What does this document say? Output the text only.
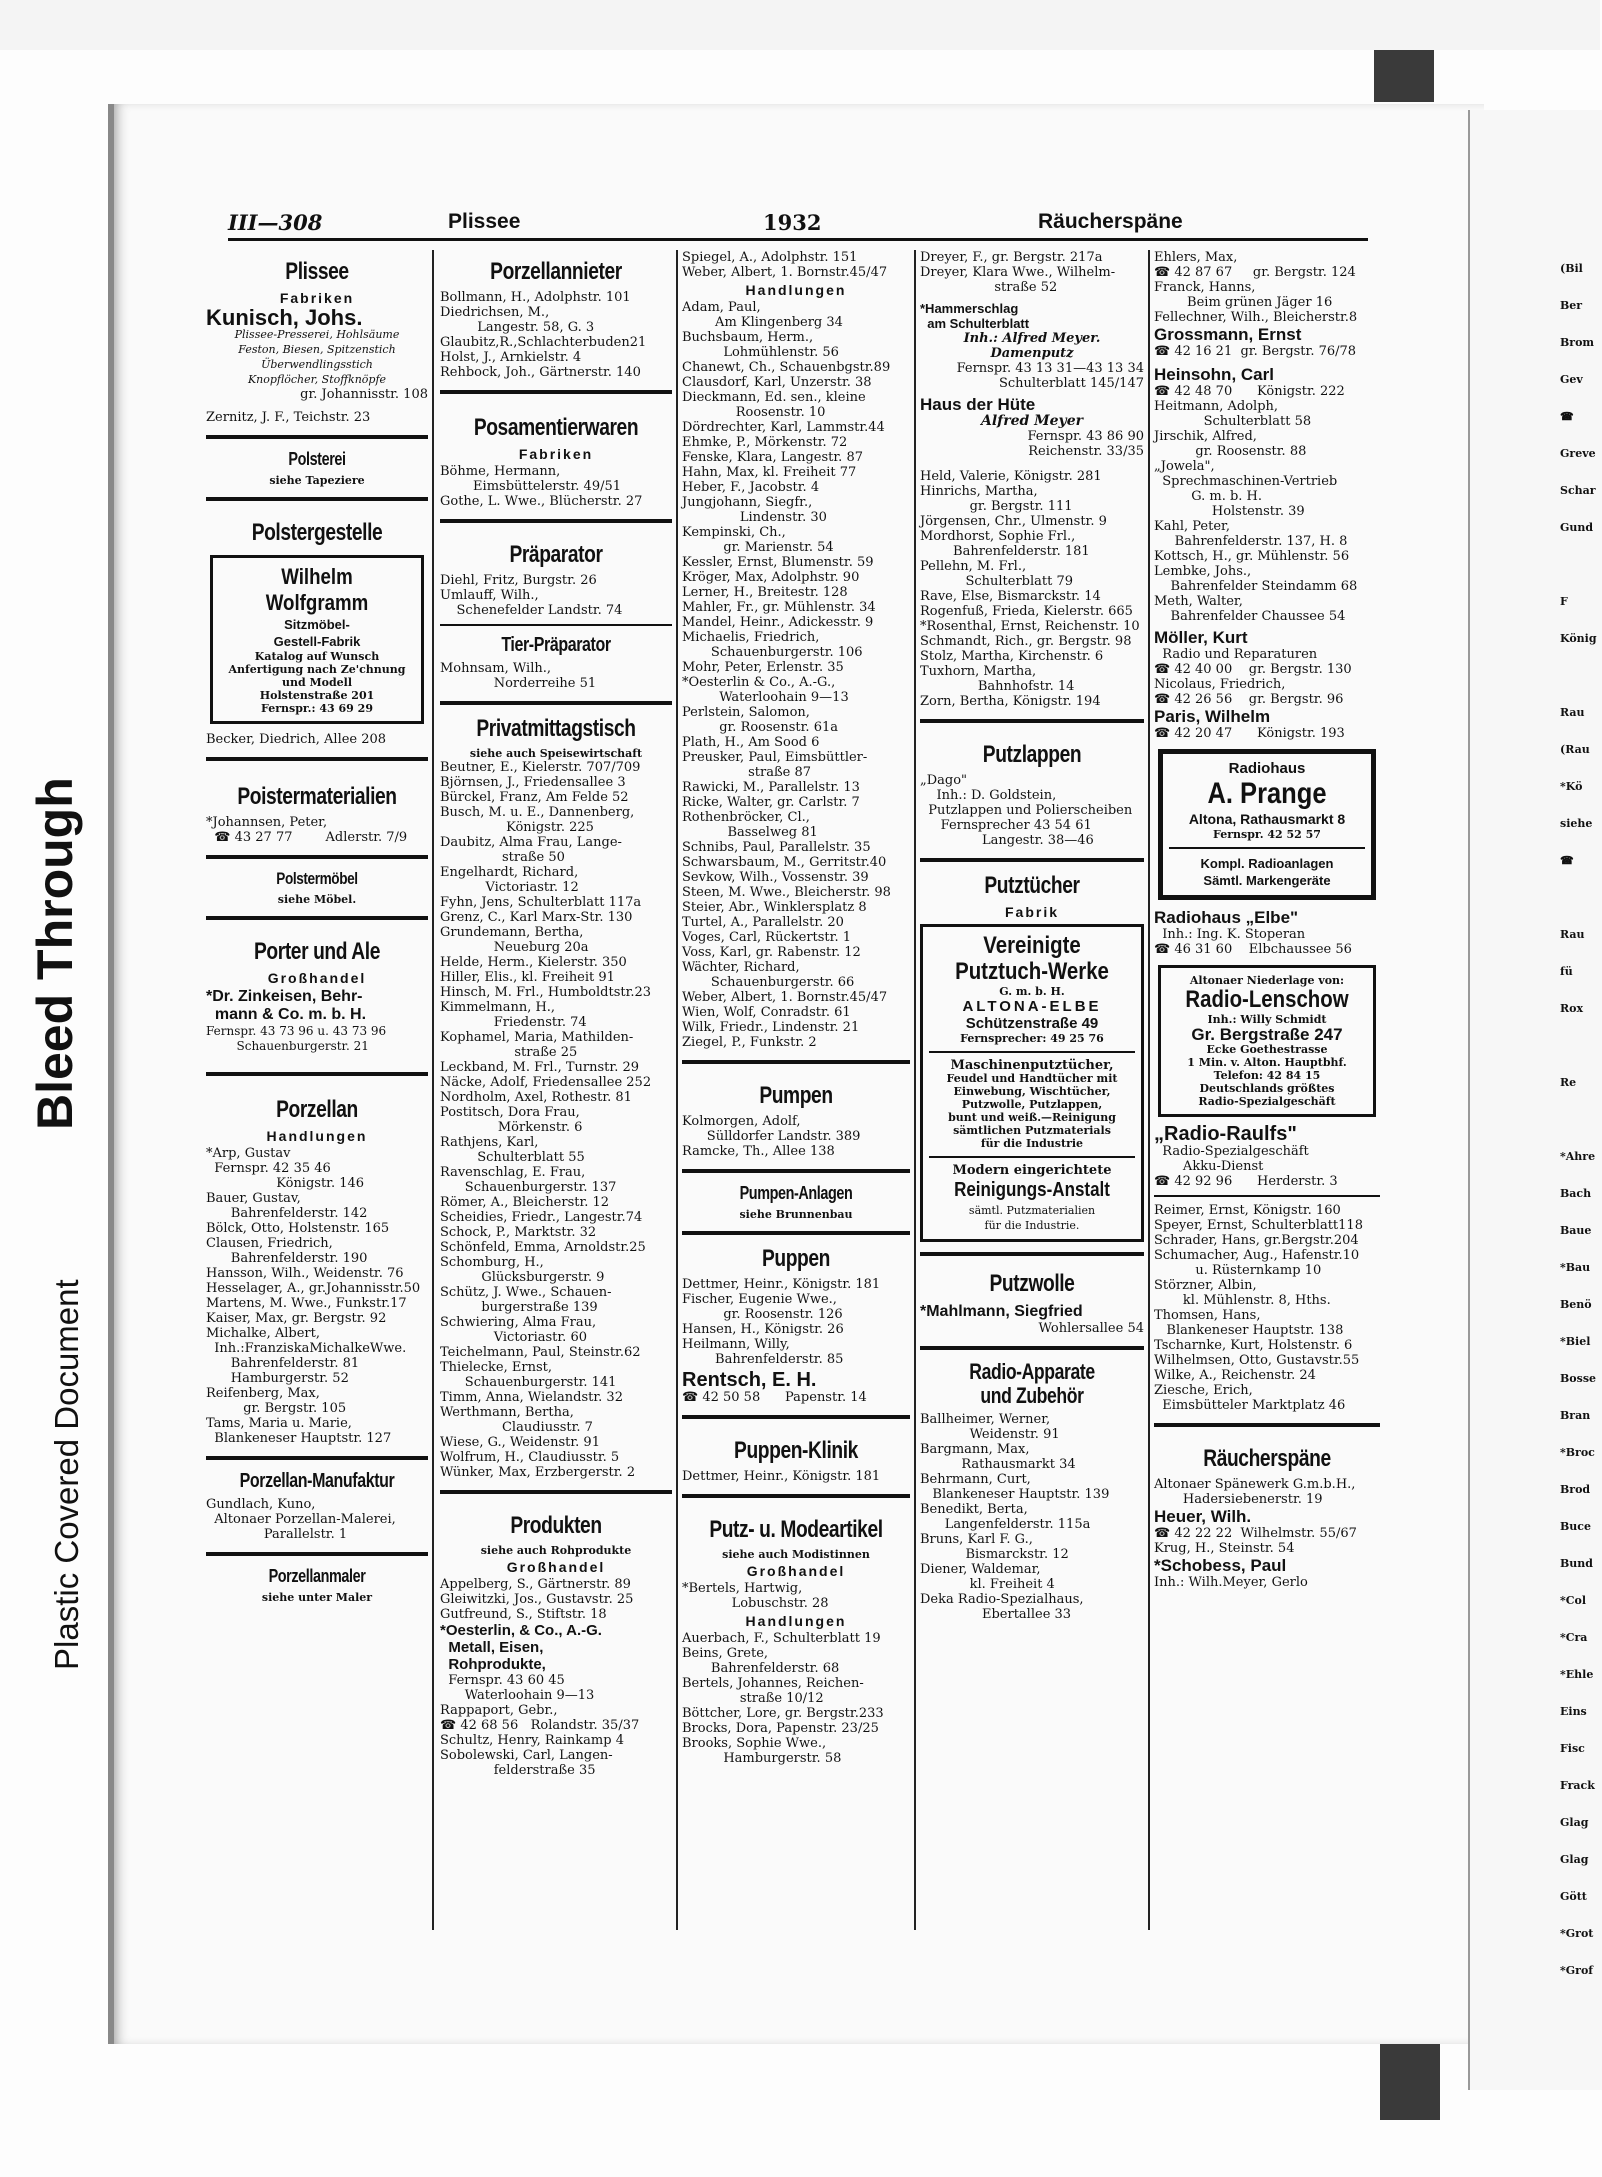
Bleed Through
Plastic Covered Document
III—308	Plissee	1932	Räucherspäne
Plissee
Fabriken
Kunisch, Johs.
Plissee-Presserei, Hohlsäume
Feston, Biesen, Spitzenstich
Überwendlingsstich
Knopflöcher, Stoffknöpfe
gr. Johannisstr. 108
Zernitz, J. F., Teichstr. 23
Polsterei
siehe Tapeziere
Polstergestelle
Wilhelm Wolfgramm
Sitzmöbel-
Gestell-Fabrik
Katalog auf Wunsch
Anfertigung nach Ze'chnung
und Modell
Holstenstraße 201
Fernspr.: 43 69 29
Becker, Diedrich, Allee 208
Poistermaterialien
*Johannsen, Peter,
☎ 43 27 77        Adlerstr. 7/9
Polstermöbel
siehe Möbel.
Porter und Ale
Großhandel
*Dr. Zinkeisen, Behr-
mann & Co. m. b. H.
Fernspr. 43 73 96 u. 43 73 96
Schauenburgerstr. 21
Porzellan
Handlungen
*Arp, Gustav
Fernspr. 42 35 46
Königstr. 146
Bauer, Gustav,
Bahrenfelderstr. 142
Bölck, Otto, Holstenstr. 165
Clausen, Friedrich,
Bahrenfelderstr. 190
Hansson, Wilh., Weidenstr. 76
Hesselager, A., gr.Johannisstr.50
Martens, M. Wwe., Funkstr.17
Kaiser, Max, gr. Bergstr. 92
Michalke, Albert,
Inh.:FranziskaMichalkeWwe.
Bahrenfelderstr. 81
Hamburgerstr. 52
Reifenberg, Max,
gr. Bergstr. 105
Tams, Maria u. Marie,
Blankeneser Hauptstr. 127
Porzellan-Manufaktur
Gundlach, Kuno,
Altonaer Porzellan-Malerei,
Parallelstr. 1
Porzellanmaler
siehe unter Maler
Porzellannieter
Bollmann, H., Adolphstr. 101
Diedrichsen, M.,
Langestr. 58, G. 3
Glaubitz,R.,Schlachterbuden21
Holst, J., Arnkielstr. 4
Rehbock, Joh., Gärtnerstr. 140
Posamentierwaren
Fabriken
Böhme, Hermann,
Eimsbüttelerstr. 49/51
Gothe, L. Wwe., Blücherstr. 27
Präparator
Diehl, Fritz, Burgstr. 26
Umlauff, Wilh.,
Schenefelder Landstr. 74
Tier-Präparator
Mohnsam, Wilh.,
Norderreihe 51
Privatmittagstisch
siehe auch Speisewirtschaft
Beutner, E., Kielerstr. 707/709
Björnsen, J., Friedensallee 3
Bürckel, Franz, Am Felde 52
Busch, M. u. E., Dannenberg,
Königstr. 225
Daubitz, Alma Frau, Lange-
straße 50
Engelhardt, Richard,
Victoriastr. 12
Fyhn, Jens, Schulterblatt 117a
Grenz, C., Karl Marx-Str. 130
Grundemann, Bertha,
Neueburg 20a
Helde, Herm., Kielerstr. 350
Hiller, Elis., kl. Freiheit 91
Hinsch, M. Frl., Humboldtstr.23
Kimmelmann, H.,
Friedenstr. 74
Kophamel, Maria, Mathilden-
straße 25
Leckband, M. Frl., Turnstr. 29
Näcke, Adolf, Friedensallee 252
Nordholm, Axel, Rothestr. 81
Postitsch, Dora Frau,
Mörkenstr. 6
Rathjens, Karl,
Schulterblatt 55
Ravenschlag, E. Frau,
Schauenburgerstr. 137
Römer, A., Bleicherstr. 12
Scheidies, Friedr., Langestr.74
Schock, P., Marktstr. 32
Schönfeld, Emma, Arnoldstr.25
Schomburg, H.,
Glücksburgerstr. 9
Schütz, J. Wwe., Schauen-
burgerstraße 139
Schwiering, Alma Frau,
Victoriastr. 60
Teichelmann, Paul, Steinstr.62
Thielecke, Ernst,
Schauenburgerstr. 141
Timm, Anna, Wielandstr. 32
Werthmann, Bertha,
Claudiusstr. 7
Wiese, G., Weidenstr. 91
Wolfrum, H., Claudiusstr. 5
Wünker, Max, Erzbergerstr. 2
Produkten
siehe auch Rohprodukte
Großhandel
Appelberg, S., Gärtnerstr. 89
Gleiwitzki, Jos., Gustavstr. 25
Gutfreund, S., Stiftstr. 18
*Oesterlin, & Co., A.-G.
Metall, Eisen,
Rohprodukte,
Fernspr. 43 60 45
Waterloohain 9—13
Rappaport, Gebr.,
☎ 42 68 56   Rolandstr. 35/37
Schultz, Henry, Rainkamp 4
Sobolewski, Carl, Langen-
felderstraße 35
Spiegel, A., Adolphstr. 151
Weber, Albert, 1. Bornstr.45/47
Handlungen
Adam, Paul,
Am Klingenberg 34
Buchsbaum, Herm.,
Lohmühlenstr. 56
Chanewt, Ch., Schauenbgstr.89
Clausdorf, Karl, Unzerstr. 38
Dieckmann, Ed. sen., kleine
Roosenstr. 10
Dördrechter, Karl, Lammstr.44
Ehmke, P., Mörkenstr. 72
Fenske, Klara, Langestr. 87
Hahn, Max, kl. Freiheit 77
Heber, F., Jacobstr. 4
Jungjohann, Siegfr.,
Lindenstr. 30
Kempinski, Ch.,
gr. Marienstr. 54
Kessler, Ernst, Blumenstr. 59
Kröger, Max, Adolphstr. 90
Lerner, H., Breitestr. 128
Mahler, Fr., gr. Mühlenstr. 34
Mandel, Heinr., Adickesstr. 9
Michaelis, Friedrich,
Schauenburgerstr. 106
Mohr, Peter, Erlenstr. 35
*Oesterlin & Co., A.-G.,
Waterloohain 9—13
Perlstein, Salomon,
gr. Roosenstr. 61a
Plath, H., Am Sood 6
Preusker, Paul, Eimsbüttler-
straße 87
Rawicki, M., Parallelstr. 13
Ricke, Walter, gr. Carlstr. 7
Rothenbröcker, Cl.,
Basselweg 81
Schnibs, Paul, Parallelstr. 35
Schwarsbaum, M., Gerritstr.40
Sevkow, Wilh., Vossenstr. 39
Steen, M. Wwe., Bleicherstr. 98
Steier, Abr., Winklersplatz 8
Turtel, A., Parallelstr. 20
Voges, Carl, Rückertstr. 1
Voss, Karl, gr. Rabenstr. 12
Wächter, Richard,
Schauenburgerstr. 66
Weber, Albert, 1. Bornstr.45/47
Wien, Wolf, Conradstr. 61
Wilk, Friedr., Lindenstr. 21
Ziegel, P., Funkstr. 2
Pumpen
Kolmorgen, Adolf,
Sülldorfer Landstr. 389
Ramcke, Th., Allee 138
Pumpen-Anlagen
siehe Brunnenbau
Puppen
Dettmer, Heinr., Königstr. 181
Fischer, Eugenie Wwe.,
gr. Roosenstr. 126
Hansen, H., Königstr. 26
Heilmann, Willy,
Bahrenfelderstr. 85
Rentsch, E. H.
☎ 42 50 58      Papenstr. 14
Puppen-Klinik
Dettmer, Heinr., Königstr. 181
Putz- u. Modeartikel
siehe auch Modistinnen
Großhandel
*Bertels, Hartwig,
Lobuschstr. 28
Handlungen
Auerbach, F., Schulterblatt 19
Beins, Grete,
Bahrenfelderstr. 68
Bertels, Johannes, Reichen-
straße 10/12
Böttcher, Lore, gr. Bergstr.233
Brocks, Dora, Papenstr. 23/25
Brooks, Sophie Wwe.,
Hamburgerstr. 58
Dreyer, F., gr. Bergstr. 217a
Dreyer, Klara Wwe., Wilhelm-
straße 52
*Hammerschlag
am Schulterblatt
Inh.: Alfred Meyer.
Damenputz
Fernspr. 43 13 31—43 13 34
Schulterblatt 145/147
Haus der Hüte
Alfred Meyer
Fernspr. 43 86 90
Reichenstr. 33/35
Held, Valerie, Königstr. 281
Hinrichs, Martha,
gr. Bergstr. 111
Jörgensen, Chr., Ulmenstr. 9
Mordhorst, Sophie Frl.,
Bahrenfelderstr. 181
Pellehn, M. Frl.,
Schulterblatt 79
Rave, Else, Bismarckstr. 14
Rogenfuß, Frieda, Kielerstr. 665
*Rosenthal, Ernst, Reichenstr. 10
Schmandt, Rich., gr. Bergstr. 98
Stolz, Martha, Kirchenstr. 6
Tuxhorn, Martha,
Bahnhofstr. 14
Zorn, Bertha, Königstr. 194
Putzlappen
„Dago"
Inh.: D. Goldstein,
Putzlappen und Polierscheiben
Fernsprecher 43 54 61
Langestr. 38—46
Putztücher
Fabrik
Vereinigte
Putztuch-Werke
G. m. b. H.
ALTONA-ELBE
Schützenstraße 49
Fernsprecher: 49 25 76
Maschinenputztücher,
Feudel und Handtücher mit
Einwebung, Wischtücher,
Putzwolle, Putzlappen,
bunt und weiß.—Reinigung
sämtlichen Putzmaterials
für die Industrie
Modern eingerichtete
Reinigungs-Anstalt
sämtl. Putzmaterialien
für die Industrie.
Putzwolle
*Mahlmann, Siegfried
Wohlersallee 54
Radio-Apparate
und Zubehör
Ballheimer, Werner,
Weidenstr. 91
Bargmann, Max,
Rathausmarkt 34
Behrmann, Curt,
Blankeneser Hauptstr. 139
Benedikt, Berta,
Langenfelderstr. 115a
Bruns, Karl F. G.,
Bismarckstr. 12
Diener, Waldemar,
kl. Freiheit 4
Deka Radio-Spezialhaus,
Ebertallee 33
Ehlers, Max,
☎ 42 87 67     gr. Bergstr. 124
Franck, Hanns,
Beim grünen Jäger 16
Fellechner, Wilh., Bleicherstr.8
Grossmann, Ernst
☎ 42 16 21  gr. Bergstr. 76/78
Heinsohn, Carl
☎ 42 48 70      Königstr. 222
Heitmann, Adolph,
Schulterblatt 58
Jirschik, Alfred,
gr. Roosenstr. 88
„Jowela",
Sprechmaschinen-Vertrieb
G. m. b. H.
Holstenstr. 39
Kahl, Peter,
Bahrenfelderstr. 137, H. 8
Kottsch, H., gr. Mühlenstr. 56
Lembke, Johs.,
Bahrenfelder Steindamm 68
Meth, Walter,
Bahrenfelder Chaussee 54
Möller, Kurt
Radio und Reparaturen
☎ 42 40 00    gr. Bergstr. 130
Nicolaus, Friedrich,
☎ 42 26 56    gr. Bergstr. 96
Paris, Wilhelm
☎ 42 20 47      Königstr. 193
Radiohaus
A. Prange
Altona, Rathausmarkt 8
Fernspr. 42 52 57
Kompl. Radioanlagen
Sämtl. Markengeräte
Radiohaus „Elbe"
Inh.: Ing. K. Stoperan
☎ 46 31 60    Elbchaussee 56
Altonaer Niederlage von:
Radio-Lenschow
Inh.: Willy Schmidt
Gr. Bergstraße 247
Ecke Goethestrasse
1 Min. v. Alton. Hauptbhf.
Telefon: 42 84 15
Deutschlands größtes
Radio-Spezialgeschäft
„Radio-Raulfs"
Radio-Spezialgeschäft
Akku-Dienst
☎ 42 92 96      Herderstr. 3
Reimer, Ernst, Königstr. 160
Speyer, Ernst, Schulterblatt118
Schrader, Hans, gr.Bergstr.204
Schumacher, Aug., Hafenstr.10
u. Rüsternkamp 10
Störzner, Albin,
kl. Mühlenstr. 8, Hths.
Thomsen, Hans,
Blankeneser Hauptstr. 138
Tscharnke, Kurt, Holstenstr. 6
Wilhelmsen, Otto, Gustavstr.55
Wilke, A., Reichenstr. 24
Ziesche, Erich,
Eimsbütteler Marktplatz 46
Räucherspäne
Altonaer Spänewerk G.m.b.H.,
Hadersiebenerstr. 19
Heuer, Wilh.
☎ 42 22 22  Wilhelmstr. 55/67
Krug, H., Steinstr. 54
*Schobess, Paul
Inh.: Wilh.Meyer, Gerlo
(Bil
Ber
Brom
Gev
☎
Greve
Schar
Gund

F
König

Rau
(Rau
*Kö
siehe
☎

Rau
fü
Rox

Re

*Ahre
Bach
Baue
*Bau
Benö
*Biel
Bosse
Bran
*Broc
Brod
Buce
Bund
*Col
*Cra
*Ehle
Eins
Fisc
Frack
Glag
Glag
Gött
*Grot
*Grof
